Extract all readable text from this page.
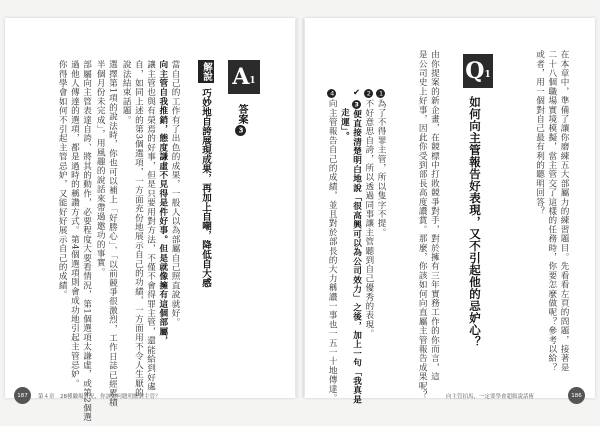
在本章中，準備了讓你磨練五大部屬力的練習題目。先看看左頁的問題，接著是
二十八個職場實境模擬，當主管交了這樣的任務時，你要怎麼做呢？參考以給？
或者，用一個對自己最有利的聽明回答？
Q 1
如何向主管報告好表現，又不引起他的忌妒心？
由你提案的新企畫，在競標中打敗競爭對手，對於擁有三年實務工作的你而言，這
是公司史上好事，因此你受到部長高度讚賞。那麼，你該如何向直屬主管報告成果呢？
1為了不得罪主管，所以隻字不提。
2不好意思自誇，所以透過同事讓主管聽到自己優秀的表現。
✔3便直接清楚明白地說「很高興可以為公司效力」之後，加上一句「我真是
走運」。
4向主管報告自己的成績，並且對於部長的大力稱讚一事也一五一十地傳達。	向主管拍馬，一定要學會超級說話術	186
A 1
答案3
解說
巧妙地自誇展現成果，再加上自嘲，降低自大感
當自己的工作有了出色的成果，一般人以為部屬自己照直說就好。
向主管自我推銷，態度謙虛不見得是件好事。但是就像擁有這個部屬，
讓主管也與有榮焉的好事，但是只要用對方法，不僅不會得罪主管，還能給到好處
自，如同上述的第3個選項，一方面充份地展示自己的功績，一方面用不令人生厭的
說法結束話題。
選擇第1項的說法時，你也可以補上「好勝心」、「以前競爭很激烈，工作日誌已經累積
半個月份未完成」，用風趣的說話來帶過邀功的事實。
部屬向主管表達自誇、將其的動作，必要程度大要看情況，第1個選項太謙虛，或第2個選
過他人傳達的選項，都是過時的稱讚方式。第4個選項則會成功地引起主管忌妒。
你得學會如何不引起主管忌妒，又能好好展示自己的成績。
187	第４章　28種職場實況，你該如何聰明應對主管？
